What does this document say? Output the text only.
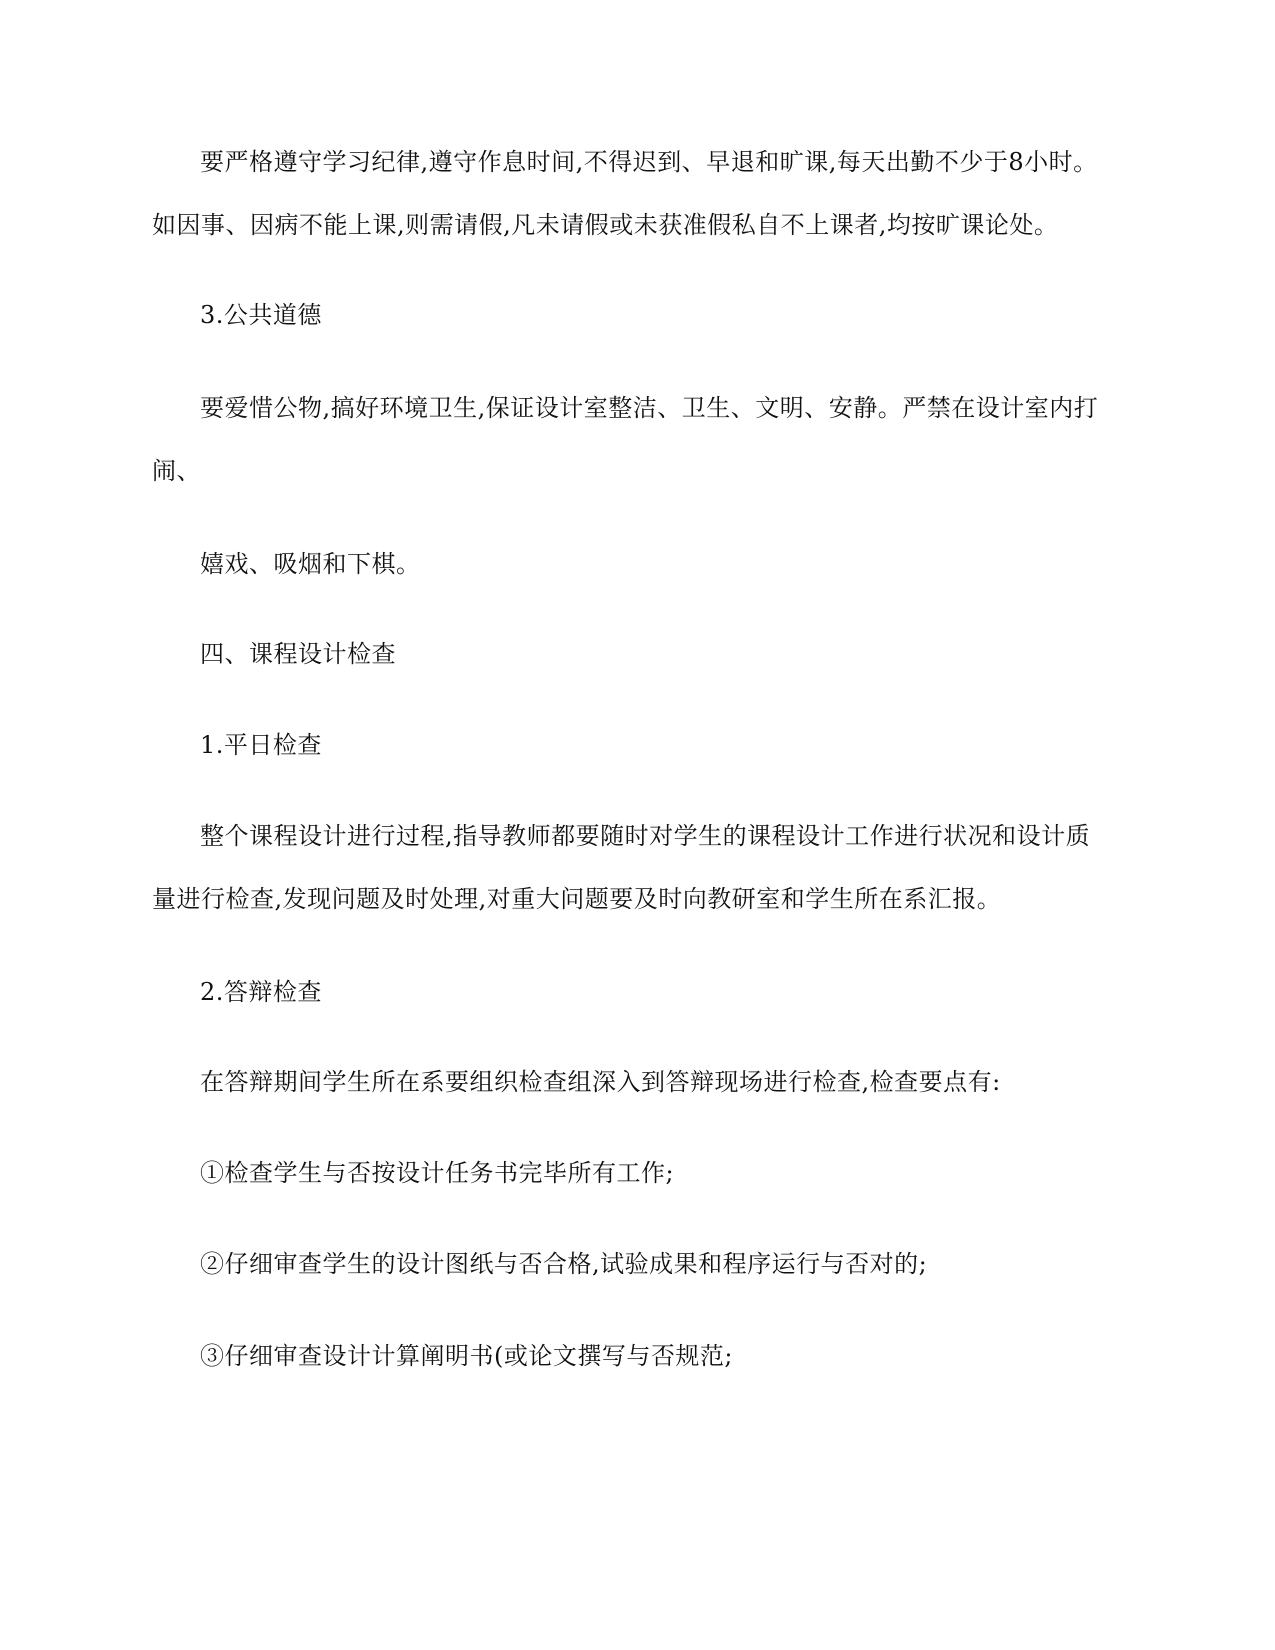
要严格遵守学习纪律,遵守作息时间,不得迟到、早退和旷课,每天出勤不少于8小时。
如因事、因病不能上课,则需请假,凡未请假或未获准假私自不上课者,均按旷课论处。
3.公共道德
要爱惜公物,搞好环境卫生,保证设计室整洁、卫生、文明、安静。严禁在设计室内打
闹、
嬉戏、吸烟和下棋。
四、课程设计检查
1.平日检查
整个课程设计进行过程,指导教师都要随时对学生的课程设计工作进行状况和设计质
量进行检查,发现问题及时处理,对重大问题要及时向教研室和学生所在系汇报。
2.答辩检查
在答辩期间学生所在系要组织检查组深入到答辩现场进行检查,检查要点有:
①检查学生与否按设计任务书完毕所有工作;
②仔细审查学生的设计图纸与否合格,试验成果和程序运行与否对的;
③仔细审查设计计算阐明书(或论文撰写与否规范;
